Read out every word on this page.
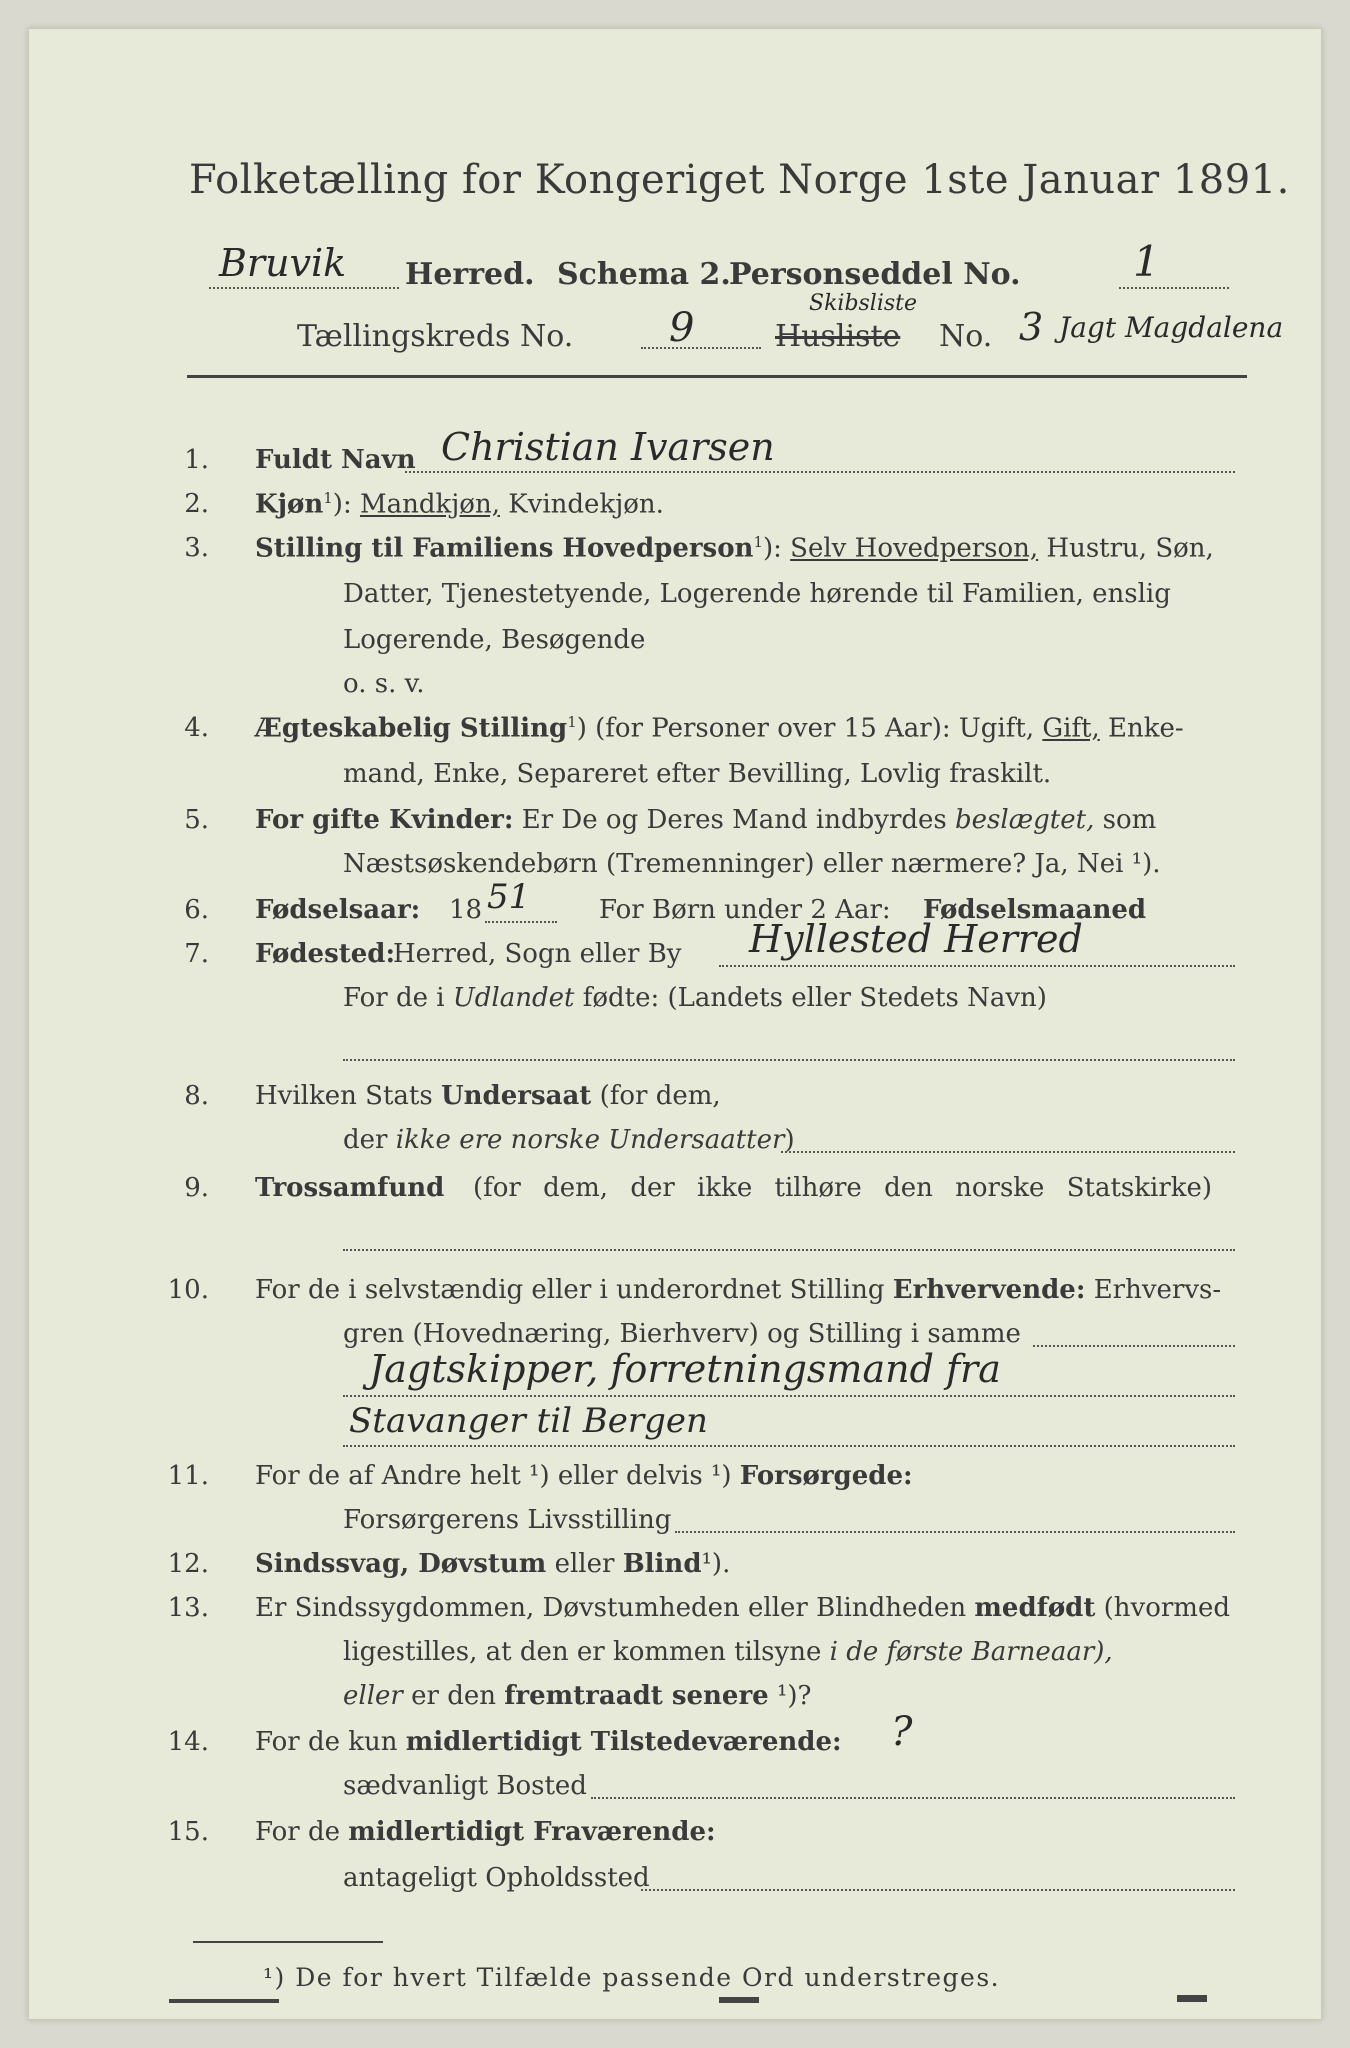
Folketælling for Kongeriget Norge 1ste Januar 1891.
Bruvik Herred. Schema 2.
Personseddel No.	1
Tællingskreds No. 9	Husliste
Skibsliste
No. 3 Jagt Magdalena
1. Fuldt Navn Christian Ivarsen
2. Kjøn$^1$): Mandkjøn, Kvindekjøn.
3. Stilling til Familiens Hovedperson$^1$): Selv Hovedperson, Hustru, Søn,
Datter, Tjenestetyende, Logerende hørende til Familien, enslig
Logerende, Besøgende
o. s. v.
4. Ægteskabelig Stilling$^1$) (for Personer over 15 Aar): Ugift, Gift, Enke-
mand, Enke, Separeret efter Bevilling, Lovlig fraskilt.
5. For gifte Kvinder: Er De og Deres Mand indbyrdes beslægtet, som
Næstsøskendebørn (Tremenninger) eller nærmere? Ja, Nei ¹).
6. Fødselsaar: 18 51	For Børn under 2 Aar: Fødselsmaaned
7. Fødested:
Herred, Sogn eller By Hyllested Herred
For de i Udlandet fødte: (Landets eller Stedets Navn)
8. Hvilken Stats Undersaat (for dem,
der ikke ere norske Undersaatter)
9. Trossamfund (for dem, der ikke tilhøre den norske Statskirke)
10. For de i selvstændig eller i underordnet Stilling Erhvervende: Erhvervs-
gren (Hovednæring, Bierhverv) og Stilling i samme
Jagtskipper, forretningsmand fra
Stavanger til Bergen
11. For de af Andre helt ¹) eller delvis ¹) Forsørgede:
Forsørgerens Livsstilling
12. Sindssvag, Døvstum eller Blind¹).
13. Er Sindssygdommen, Døvstumheden eller Blindheden medfødt (hvormed
ligestilles, at den er kommen tilsyne i de første Barneaar),
eller er den fremtraadt senere ¹)?
14. For de kun midlertidigt Tilstedeværende: ?
sædvanligt Bosted
15. For de midlertidigt Fraværende:
antageligt Opholdssted
¹) De for hvert Tilfælde passende Ord understreges.
